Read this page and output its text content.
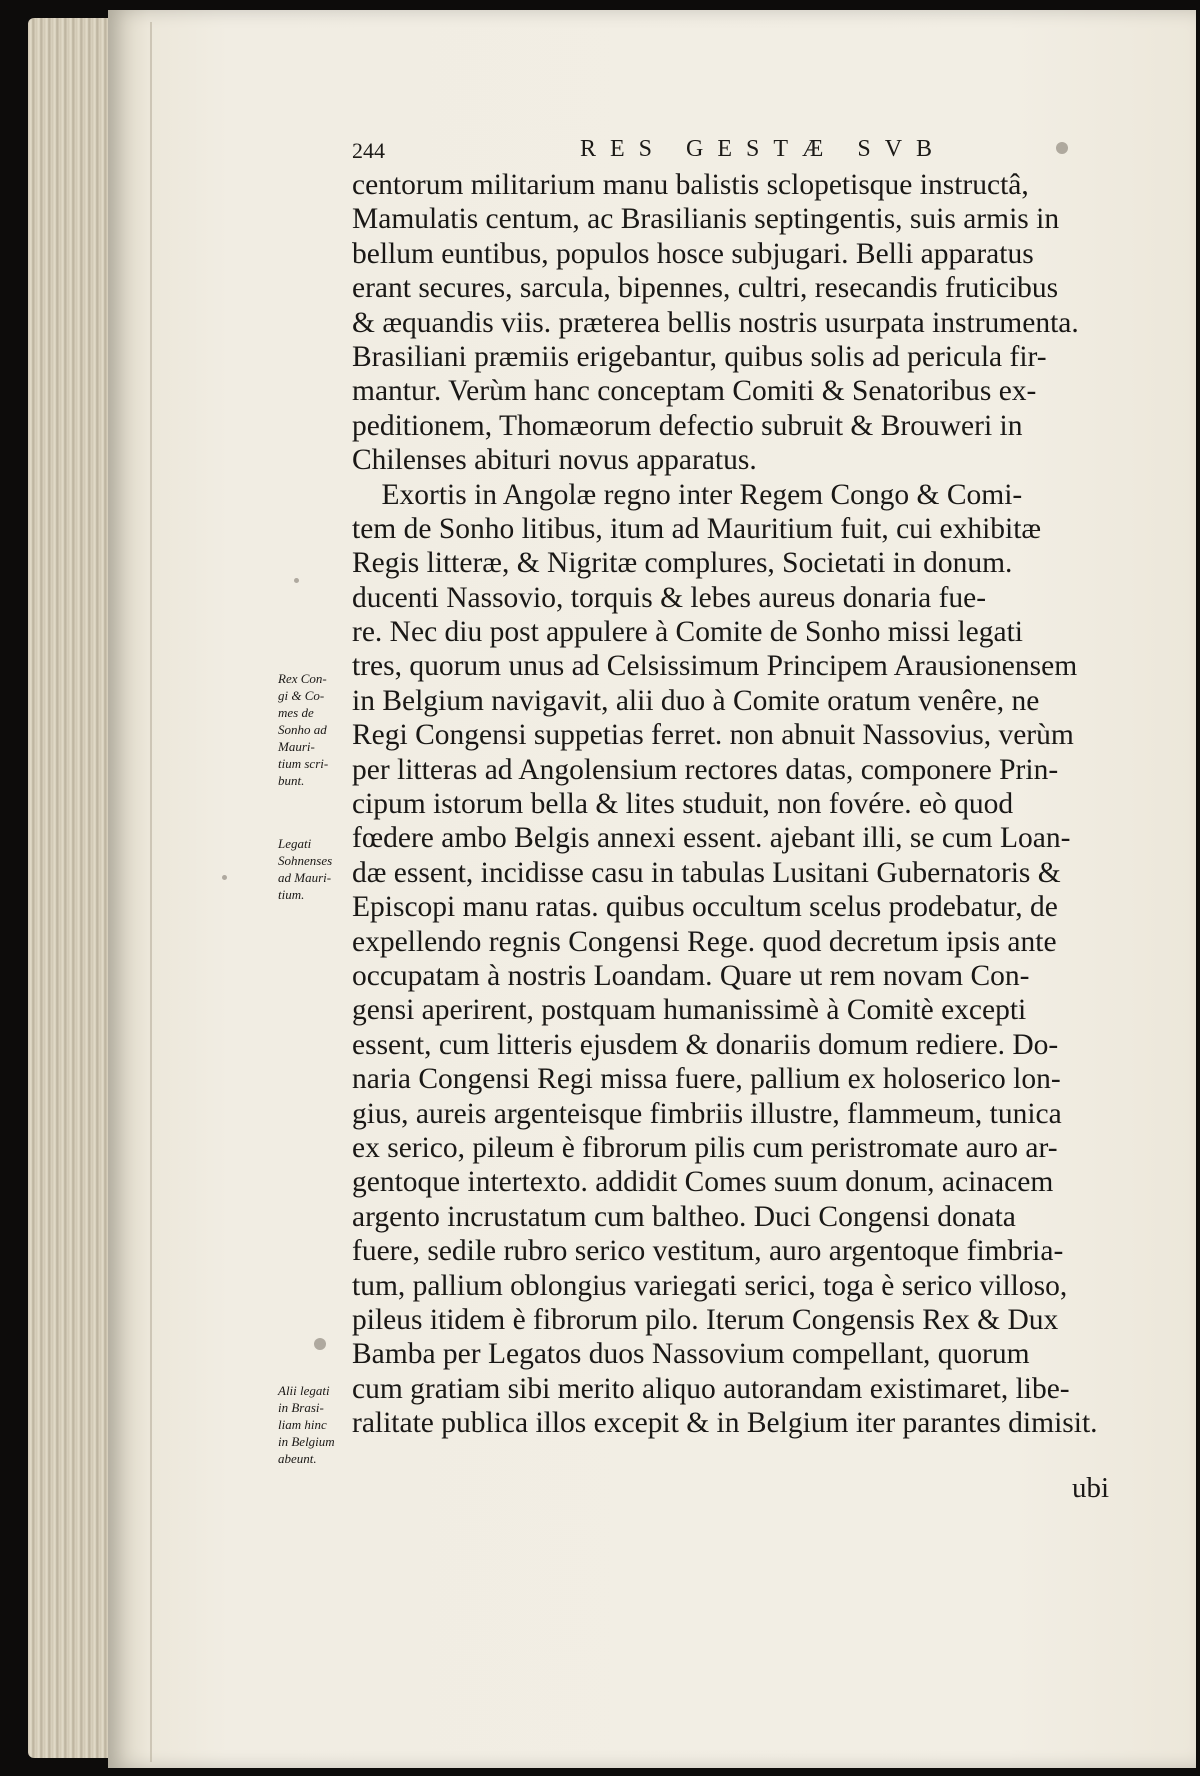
244	RES GESTÆ SVB
centorum militarium manu balistis sclopetisque instructâ,
Mamulatis centum, ac Brasilianis septingentis, suis armis in
bellum euntibus, populos hosce subjugari. Belli apparatus
erant secures, sarcula, bipennes, cultri, resecandis fruticibus
& æquandis viis. præterea bellis nostris usurpata instrumenta.
Brasiliani præmiis erigebantur, quibus solis ad pericula fir-
mantur. Verùm hanc conceptam Comiti & Senatoribus ex-
peditionem, Thomæorum defectio subruit & Brouweri in
Chilenses abituri novus apparatus.
Exortis in Angolæ regno inter Regem Congo & Comi-
tem de Sonho litibus, itum ad Mauritium fuit, cui exhibitæ
Regis litteræ, & Nigritæ complures, Societati in donum.
ducenti Nassovio, torquis & lebes aureus donaria fue-
re. Nec diu post appulere à Comite de Sonho missi legati
tres, quorum unus ad Celsissimum Principem Arausionensem
in Belgium navigavit, alii duo à Comite oratum venêre, ne
Regi Congensi suppetias ferret. non abnuit Nassovius, verùm
per litteras ad Angolensium rectores datas, componere Prin-
cipum istorum bella & lites studuit, non fovére. eò quod
fœdere ambo Belgis annexi essent. ajebant illi, se cum Loan-
dæ essent, incidisse casu in tabulas Lusitani Gubernatoris &
Episcopi manu ratas. quibus occultum scelus prodebatur, de
expellendo regnis Congensi Rege. quod decretum ipsis ante
occupatam à nostris Loandam. Quare ut rem novam Con-
gensi aperirent, postquam humanissimè à Comitè excepti
essent, cum litteris ejusdem & donariis domum rediere. Do-
naria Congensi Regi missa fuere, pallium ex holoserico lon-
gius, aureis argenteisque fimbriis illustre, flammeum, tunica
ex serico, pileum è fibrorum pilis cum peristromate auro ar-
gentoque intertexto. addidit Comes suum donum, acinacem
argento incrustatum cum baltheo. Duci Congensi donata
fuere, sedile rubro serico vestitum, auro argentoque fimbria-
tum, pallium oblongius variegati serici, toga è serico villoso,
pileus itidem è fibrorum pilo. Iterum Congensis Rex & Dux
Bamba per Legatos duos Nassovium compellant, quorum
cum gratiam sibi merito aliquo autorandam existimaret, libe-
ralitate publica illos excepit & in Belgium iter parantes dimisit.
ubi
Rex Con-
gi & Co-
mes de
Sonho ad
Mauri-
tium scri-
bunt.
Legati
Sohnenses
ad Mauri-
tium.
Alii legati
in Brasi-
liam hinc
in Belgium
abeunt.
